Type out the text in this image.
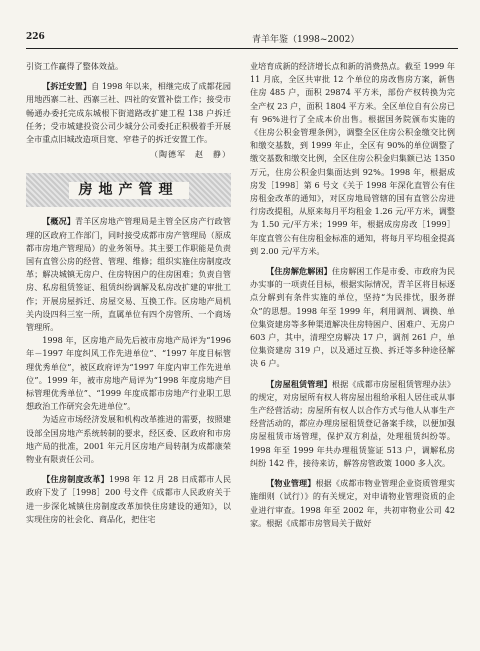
226	青羊年鉴（1998~2002）

引资工作赢得了整体效益。

【拆迁安置】自 1998 年以来，相继完成了成都花园用地西寨二社、西寨三社、四社的安置补偿工作；接受市畅通办委托完成东城根下街道路改扩建工程 138 户拆迁任务；受市城建投资公司少城分公司委托正积极着手开展全市重点旧城改造项目宽、窄巷子的拆迁安置工作。

（陶德军　赵　静）
房地产管理

【概况】青羊区房地产管理局是主管全区房产行政管理的区政府工作部门，同时接受成都市房产管理局（原成都市房地产管理局）的业务领导。其主要工作职能是负责国有直管公房的经营、管理、维修；组织实施住房制度改革；解决城镇无房户、住房特困户的住房困难；负责自管房、私房租赁签证、租赁纠纷调解及私房改扩建的审批工作；开展房屋拆迁、房屋交易、互换工作。区房地产局机关内设四科三室一所，直属单位有四个房管所、一个商场管理所。

1998 年，区房地产局先后被市房地产局评为“1996 年－1997 年度纠风工作先进单位”、“1997 年度目标管理优秀单位”，被区政府评为“1997 年度内审工作先进单位”。1999 年，被市房地产局评为“1998 年度房地产目标管理优秀单位”、“1999 年度成都市房地产行业职工思想政治工作研究会先进单位”。

为适应市场经济发展和机构改革推进的需要，按照建设部全国房地产系统转制的要求，经区委、区政府和市房地产局的批准，2001 年元月区房地产局转制为成都康荣物业有限责任公司。

【住房制度改革】1998 年 12 月 28 日成都市人民政府下发了［1998］200 号文件《成都市人民政府关于进一步深化城镇住房制度改革加快住房建设的通知》，以实现住房的社会化、商品化，把住宅

业培育成新的经济增长点和新的消费热点。截至 1999 年 11 月底，全区共审批 12 个单位的房改售房方案，新售住房 485 户，面积 29874 平方米，部份产权转换为完全产权 23 户，面积 1804 平方米。全区单位自有公房已有 96%进行了全成本价出售。根据国务院颁布实施的《住房公积金管理条例》，调整全区住房公积金缴交比例和缴交基数，到 1999 年止，全区有 90%的单位调整了缴交基数和缴交比例，全区住房公积金归集额已达 1350 万元，住房公积金归集面达到 92%。1998 年，根据成房发［1998］第 6 号文《关于 1998 年深化直管公有住房租金改革的通知》，对区房地局管辖的国有直管公房进行房改提租，从原来每月平均租金 1.26 元/平方米，调整为 1.50 元/平方米；1999 年，根据成房房改［1999］年度直管公有住房租金标准的通知，将每月平均租金提高到 2.00 元/平方米。

【住房解危解困】住房解困工作是市委、市政府为民办实事的一项责任目标，根据实际情况，青羊区将目标逐点分解到有条件实施的单位，坚持“为民排忧，服务群众”的思想。1998 年至 1999 年，利用调剂、调换、单位集资建房等多种渠道解决住房特困户、困难户、无房户 603 户，其中，清理空房解决 17 户，调剂 261 户，单位集资建房 319 户，以及通过互换、拆迁等多种途径解决 6 户。

【房屋租赁管理】根据《成都市房屋租赁管理办法》的规定，对房屋所有权人将房屋出租给承租人居住或从事生产经营活动；房屋所有权人以合作方式与他人从事生产经营活动的，都应办理房屋租赁登记备案手续，以便加强房屋租赁市场管理，保护双方利益，处理租赁纠纷等。1998 年至 1999 年共办理租赁鉴证 513 户，调解私房纠纷 142 件，接待来访，解答房管政策 1000 多人次。

【物业管理】根据《成都市物业管理企业资质管理实施细则（试行）》的有关规定，对申请物业管理资质的企业进行审查。1998 年至 2002 年，共初审物业公司 42 家。根据《成都市房管局关于做好
